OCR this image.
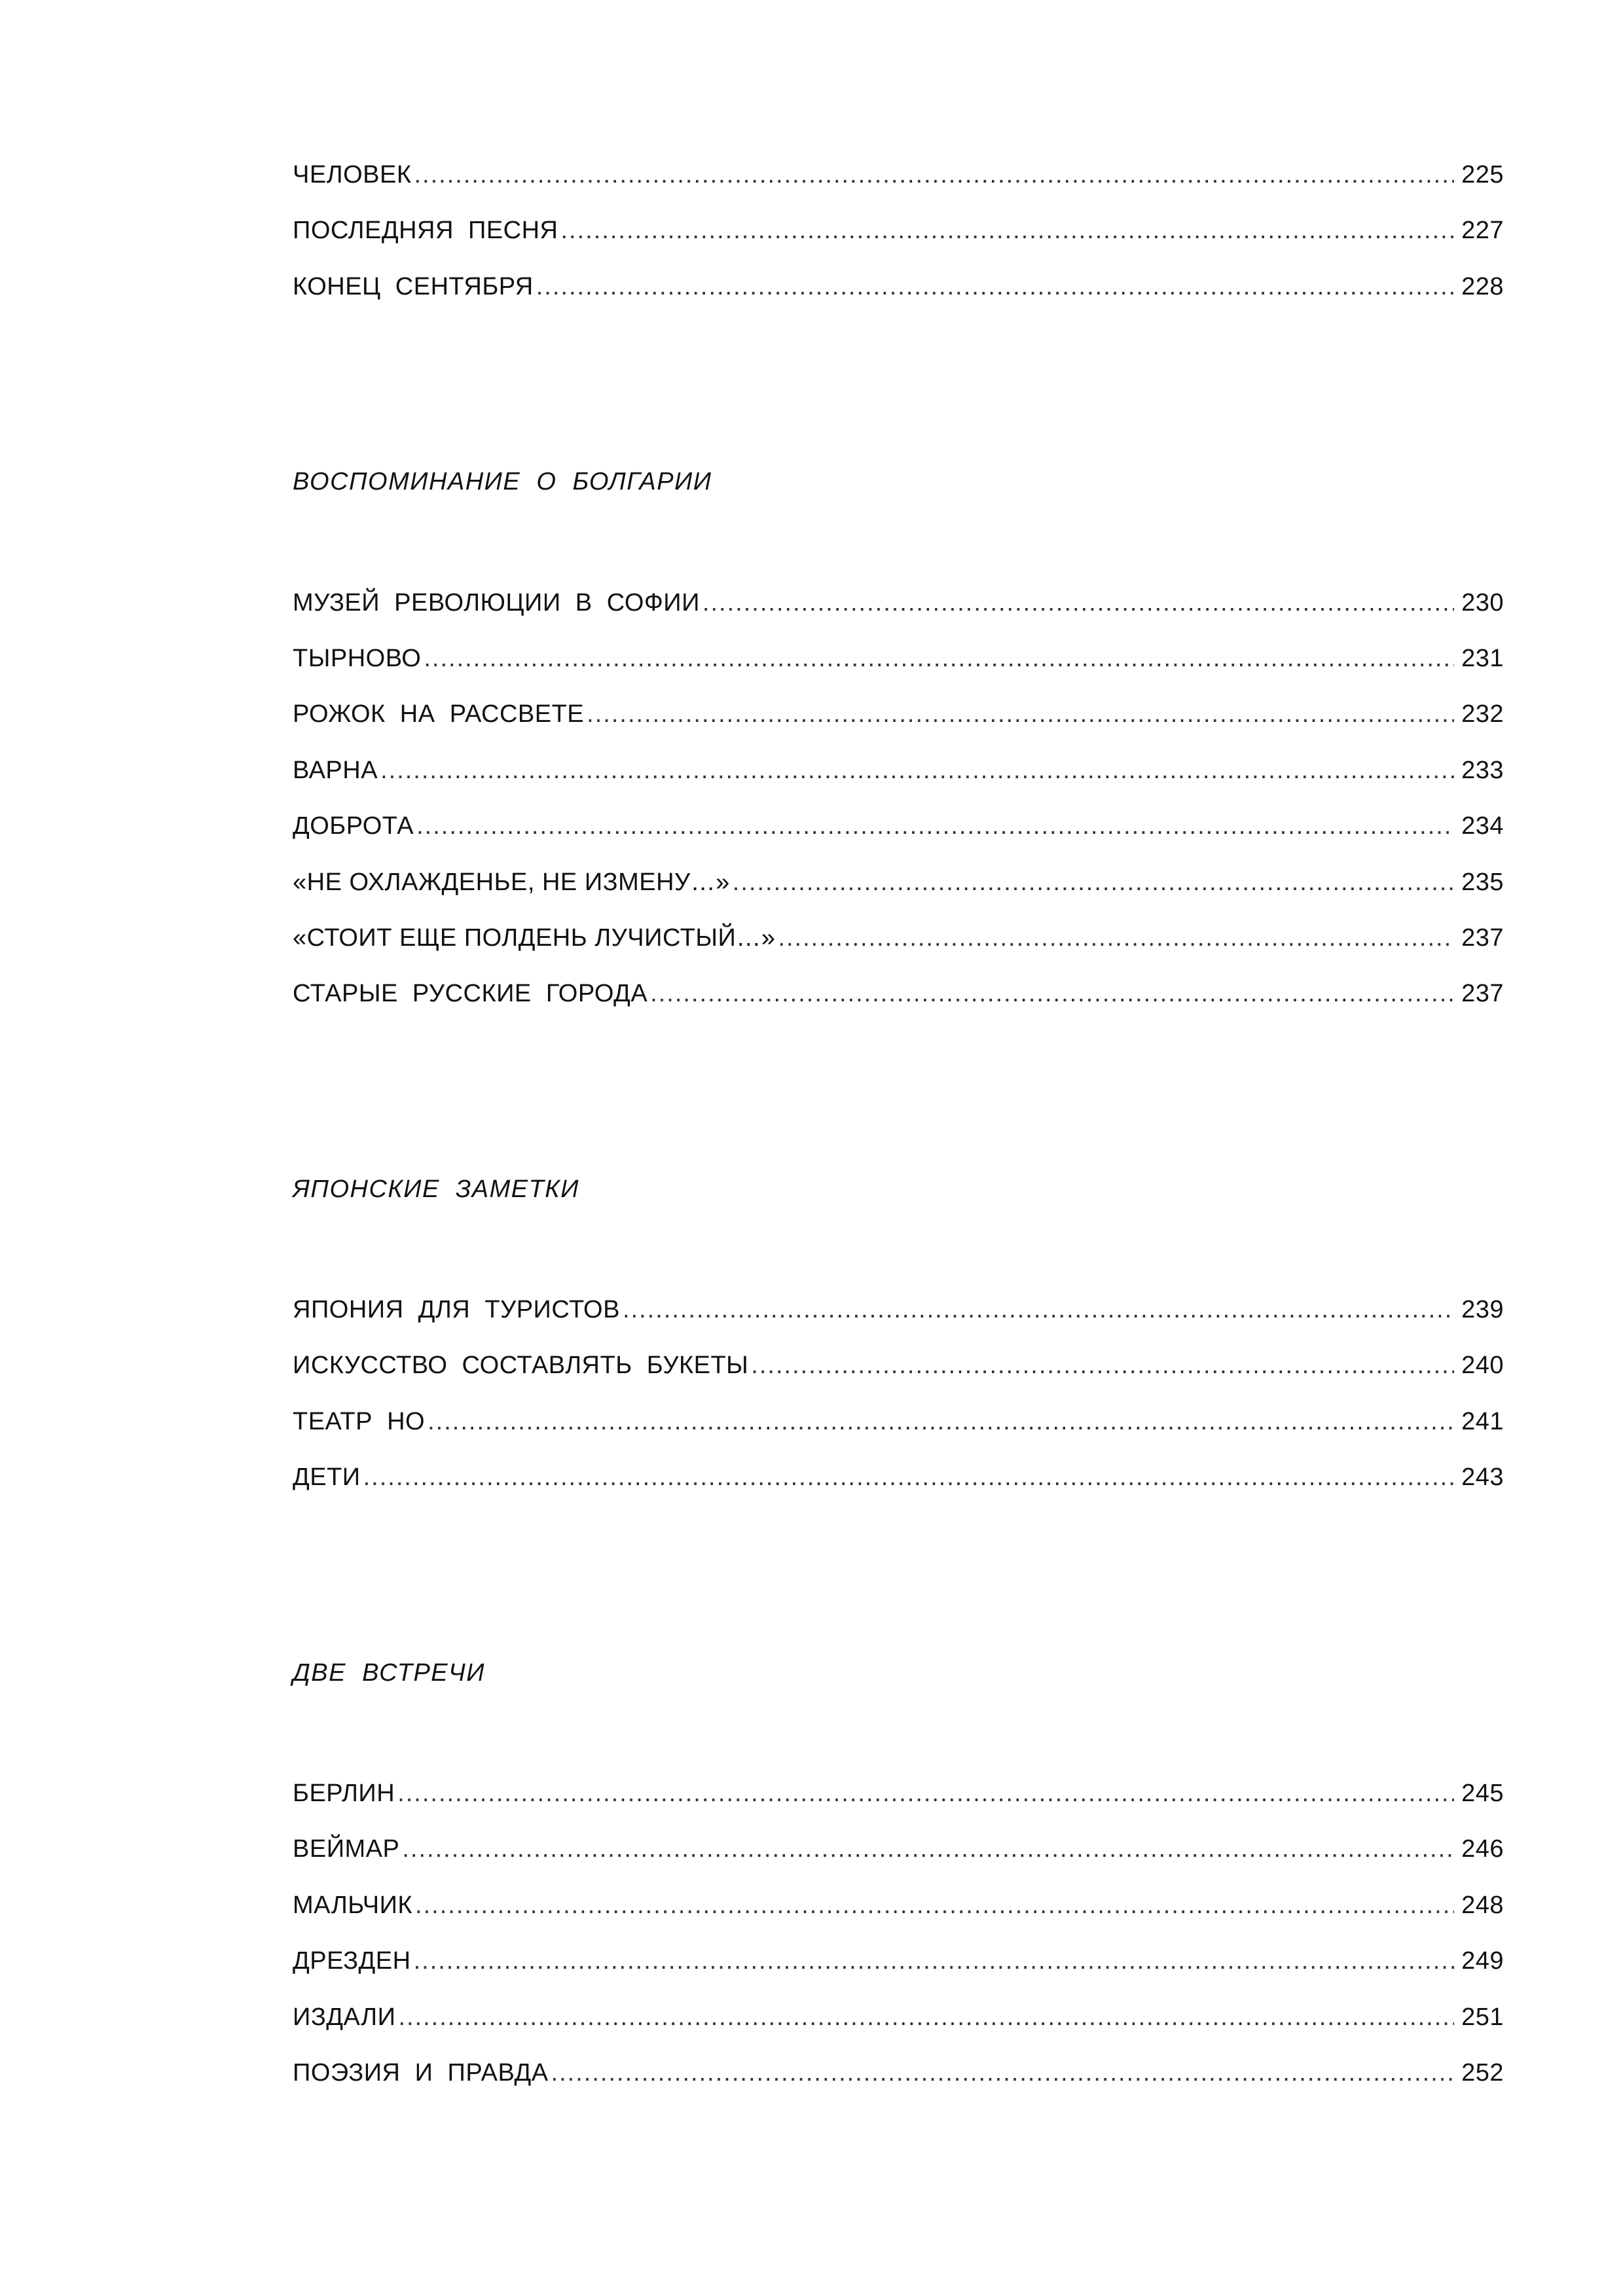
ЧЕЛОВЕК .....	225
ПОСЛЕДНЯЯ  ПЕСНЯ .....	227
КОНЕЦ  СЕНТЯБРЯ .....	228
ВОСПОМИНАНИЕ  О  БОЛГАРИИ
МУЗЕЙ  РЕВОЛЮЦИИ  В  СОФИИ .....	230
ТЫРНОВО .....	231
РОЖОК  НА  РАССВЕТЕ .....	232
ВАРНА .....	233
ДОБРОТА .....	234
«НЕ ОХЛАЖДЕНЬЕ, НЕ ИЗМЕНУ…» .....	235
«СТОИТ ЕЩЕ ПОЛДЕНЬ ЛУЧИСТЫЙ…» .....	237
СТАРЫЕ  РУССКИЕ  ГОРОДА .....	237
ЯПОНСКИЕ  ЗАМЕТКИ
ЯПОНИЯ  ДЛЯ  ТУРИСТОВ .....	239
ИСКУССТВО  СОСТАВЛЯТЬ  БУКЕТЫ .....	240
ТЕАТР  НО .....	241
ДЕТИ .....	243
ДВЕ  ВСТРЕЧИ
БЕРЛИН .....	245
ВЕЙМАР .....	246
МАЛЬЧИК .....	248
ДРЕЗДЕН .....	249
ИЗДАЛИ .....	251
ПОЭЗИЯ  И  ПРАВДА .....	252
